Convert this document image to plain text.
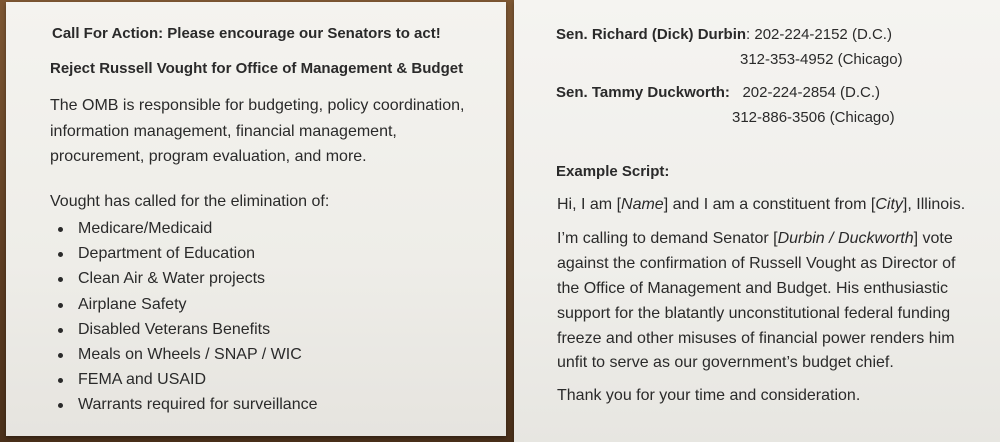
Call For Action: Please encourage our Senators to act!
Reject Russell Vought for Office of Management & Budget
The OMB is responsible for budgeting, policy coordination,
information management, financial management,
procurement, program evaluation, and more.
Vought has called for the elimination of:
Medicare/Medicaid
Department of Education
Clean Air & Water projects
Airplane Safety
Disabled Veterans Benefits
Meals on Wheels / SNAP / WIC
FEMA and USAID
Warrants required for surveillance
Sen. Richard (Dick) Durbin: 202-224-2152 (D.C.)
312-353-4952 (Chicago)
Sen. Tammy Duckworth: 202-224-2854 (D.C.)
312-886-3506 (Chicago)
Example Script:
Hi, I am [Name] and I am a constituent from [City], Illinois.
I’m calling to demand Senator [Durbin / Duckworth] vote
against the confirmation of Russell Vought as Director of
the Office of Management and Budget. His enthusiastic
support for the blatantly unconstitutional federal funding
freeze and other misuses of financial power renders him
unfit to serve as our government’s budget chief.
Thank you for your time and consideration.
